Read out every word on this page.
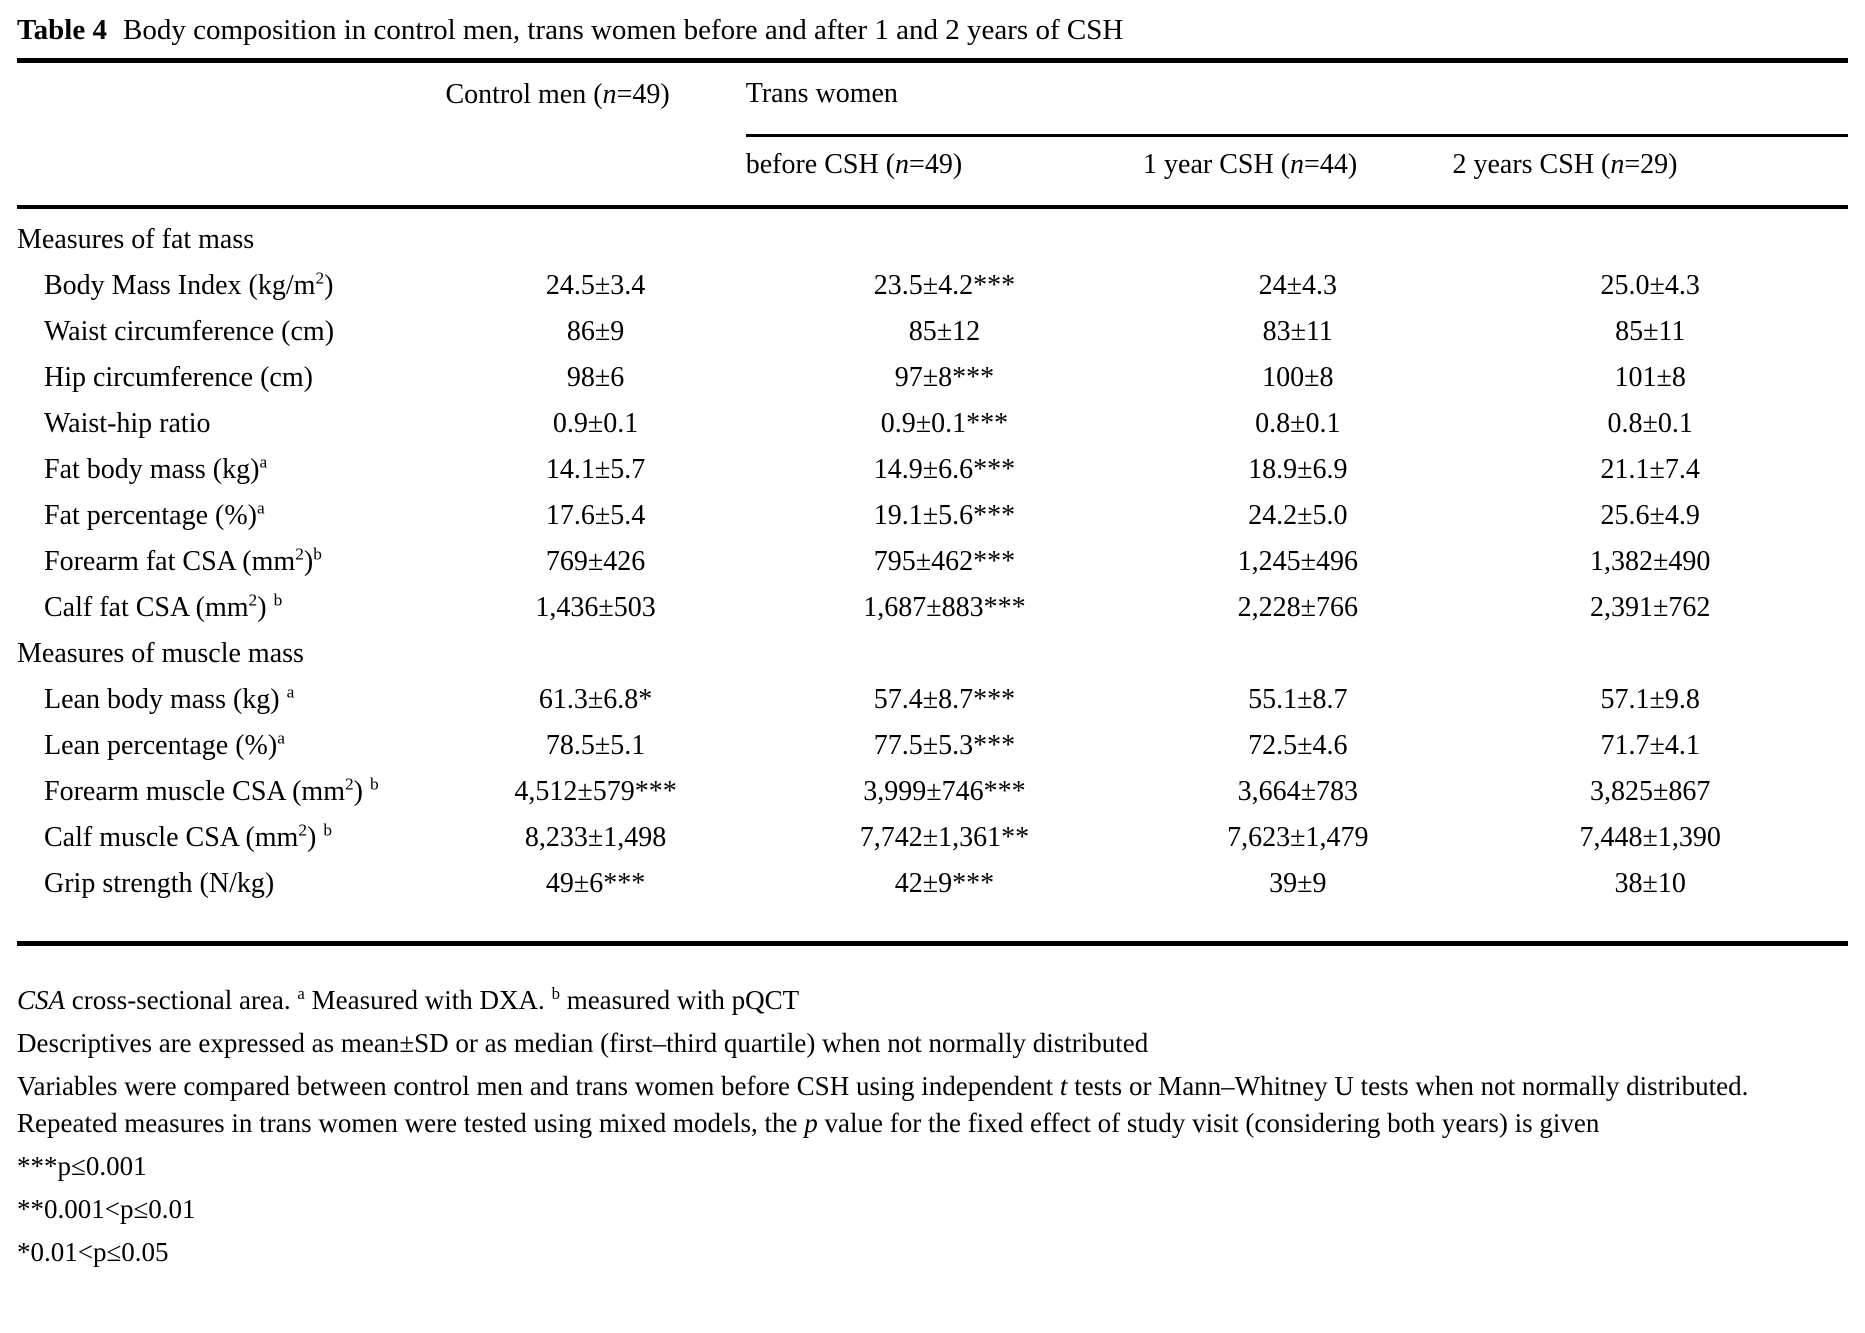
Table 4 Body composition in control men, trans women before and after 1 and 2 years of CSH
	Control men (n=49)	Trans women		
		before CSH (n=49)	1 year CSH (n=44)	2 years CSH (n=29)
Measures of fat mass				
Body Mass Index $(kg/m^2)$	24.5±3.4	23.5±4.2***	24±4.3	25.0±4.3
Waist circumference (cm)	86±9	85±12	83±11	85±11
Hip circumference (cm)	98±6	97±8***	100±8	101±8
Waist-hip ratio	0.9±0.1	0.9±0.1***	0.8±0.1	0.8±0.1
Fat body mass (kg)$^a$	14.1±5.7	14.9±6.6***	18.9±6.9	21.1±7.4
Fat percentage (%)$^a$	17.6±5.4	19.1±5.6***	24.2±5.0	25.6±4.9
Forearm fat CSA $(mm^2)^b$	769±426	795±462***	1,245±496	1,382±490
Calf fat CSA $(mm^2)$ $^b$	1,436±503	1,687±883***	2,228±766	2,391±762
Measures of muscle mass				
Lean body mass (kg) $^a$	61.3±6.8*	57.4±8.7***	55.1±8.7	57.1±9.8
Lean percentage (%)$^a$	78.5±5.1	77.5±5.3***	72.5±4.6	71.7±4.1
Forearm muscle CSA $(mm^2)$ $^b$	4,512±579***	3,999±746***	3,664±783	3,825±867
Calf muscle CSA $(mm^2)$ $^b$	8,233±1,498	7,742±1,361**	7,623±1,479	7,448±1,390
Grip strength (N/kg)	49±6***	42±9***	39±9	38±10
CSA cross-sectional area. $^a$ Measured with DXA. $^b$ measured with pQCT
Descriptives are expressed as mean±SD or as median (first–third quartile) when not normally distributed
Variables were compared between control men and trans women before CSH using independent t tests or Mann–Whitney U tests when not normally distributed. Repeated measures in trans women were tested using mixed models, the p value for the fixed effect of study visit (considering both years) is given
***p≤0.001
**0.001<p≤0.01
*0.01<p≤0.05
